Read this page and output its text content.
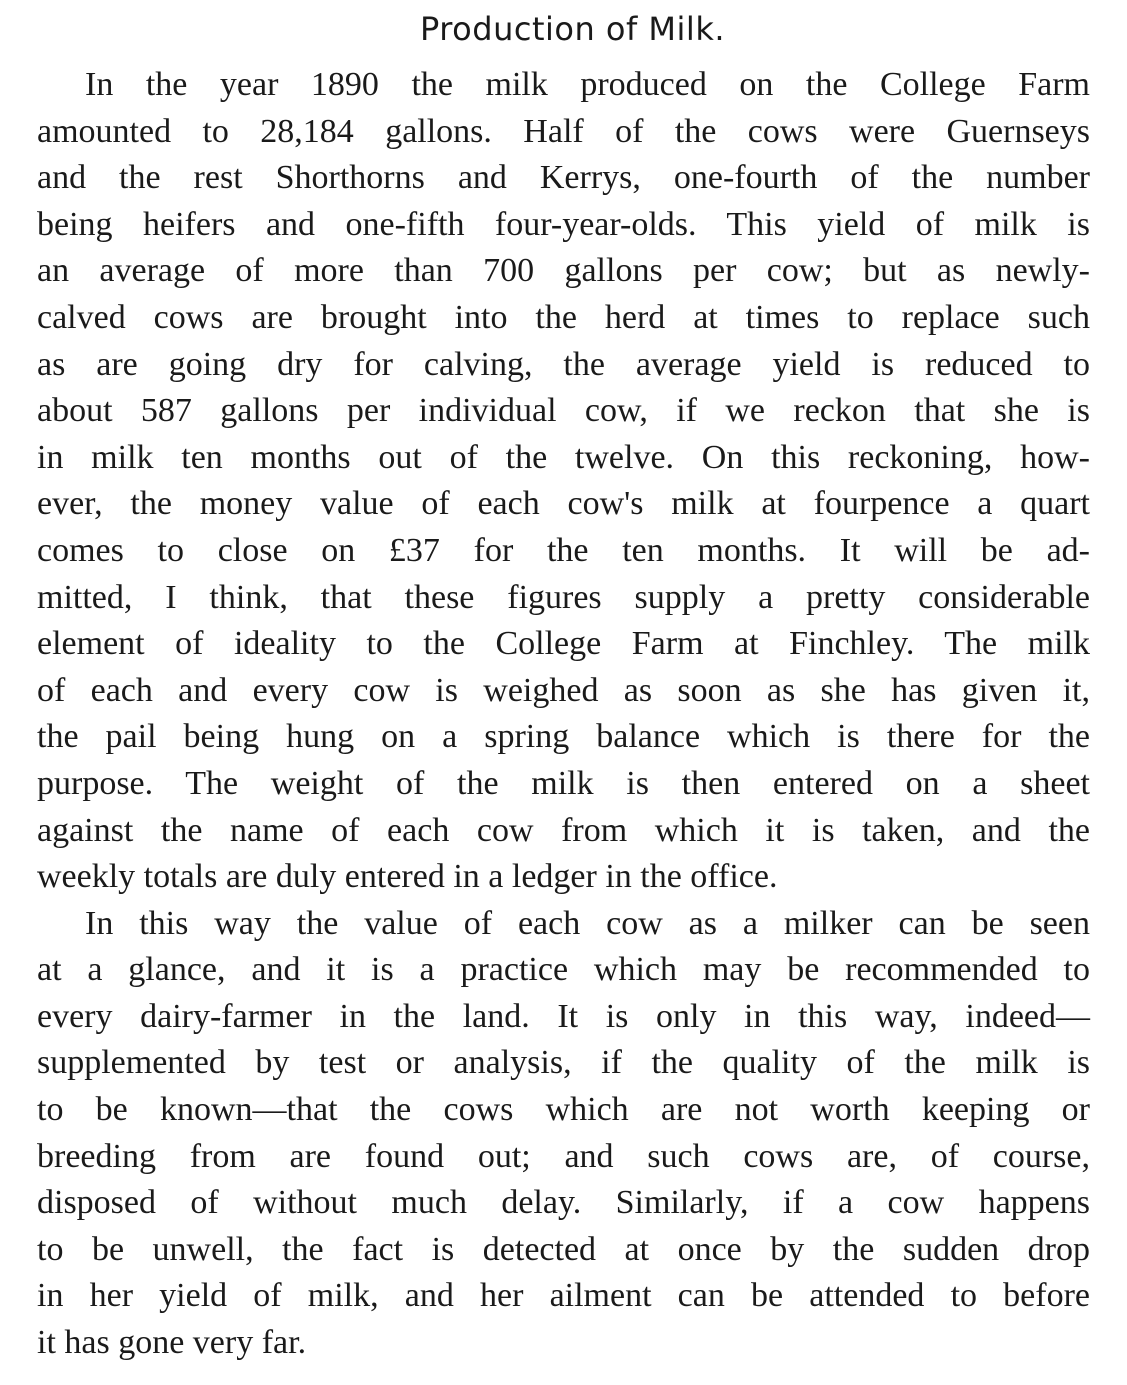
Production of Milk.
In the year 1890 the milk produced on the College Farm
amounted to 28,184 gallons. Half of the cows were Guernseys
and the rest Shorthorns and Kerrys, one-fourth of the number
being heifers and one-fifth four-year-olds. This yield of milk is
an average of more than 700 gallons per cow; but as newly-
calved cows are brought into the herd at times to replace such
as are going dry for calving, the average yield is reduced to
about 587 gallons per individual cow, if we reckon that she is
in milk ten months out of the twelve. On this reckoning, how-
ever, the money value of each cow's milk at fourpence a quart
comes to close on £37 for the ten months. It will be ad-
mitted, I think, that these figures supply a pretty considerable
element of ideality to the College Farm at Finchley. The milk
of each and every cow is weighed as soon as she has given it,
the pail being hung on a spring balance which is there for the
purpose. The weight of the milk is then entered on a sheet
against the name of each cow from which it is taken, and the
weekly totals are duly entered in a ledger in the office.
In this way the value of each cow as a milker can be seen
at a glance, and it is a practice which may be recommended to
every dairy-farmer in the land. It is only in this way, indeed—
supplemented by test or analysis, if the quality of the milk is
to be known—that the cows which are not worth keeping or
breeding from are found out; and such cows are, of course,
disposed of without much delay. Similarly, if a cow happens
to be unwell, the fact is detected at once by the sudden drop
in her yield of milk, and her ailment can be attended to before
it has gone very far.
